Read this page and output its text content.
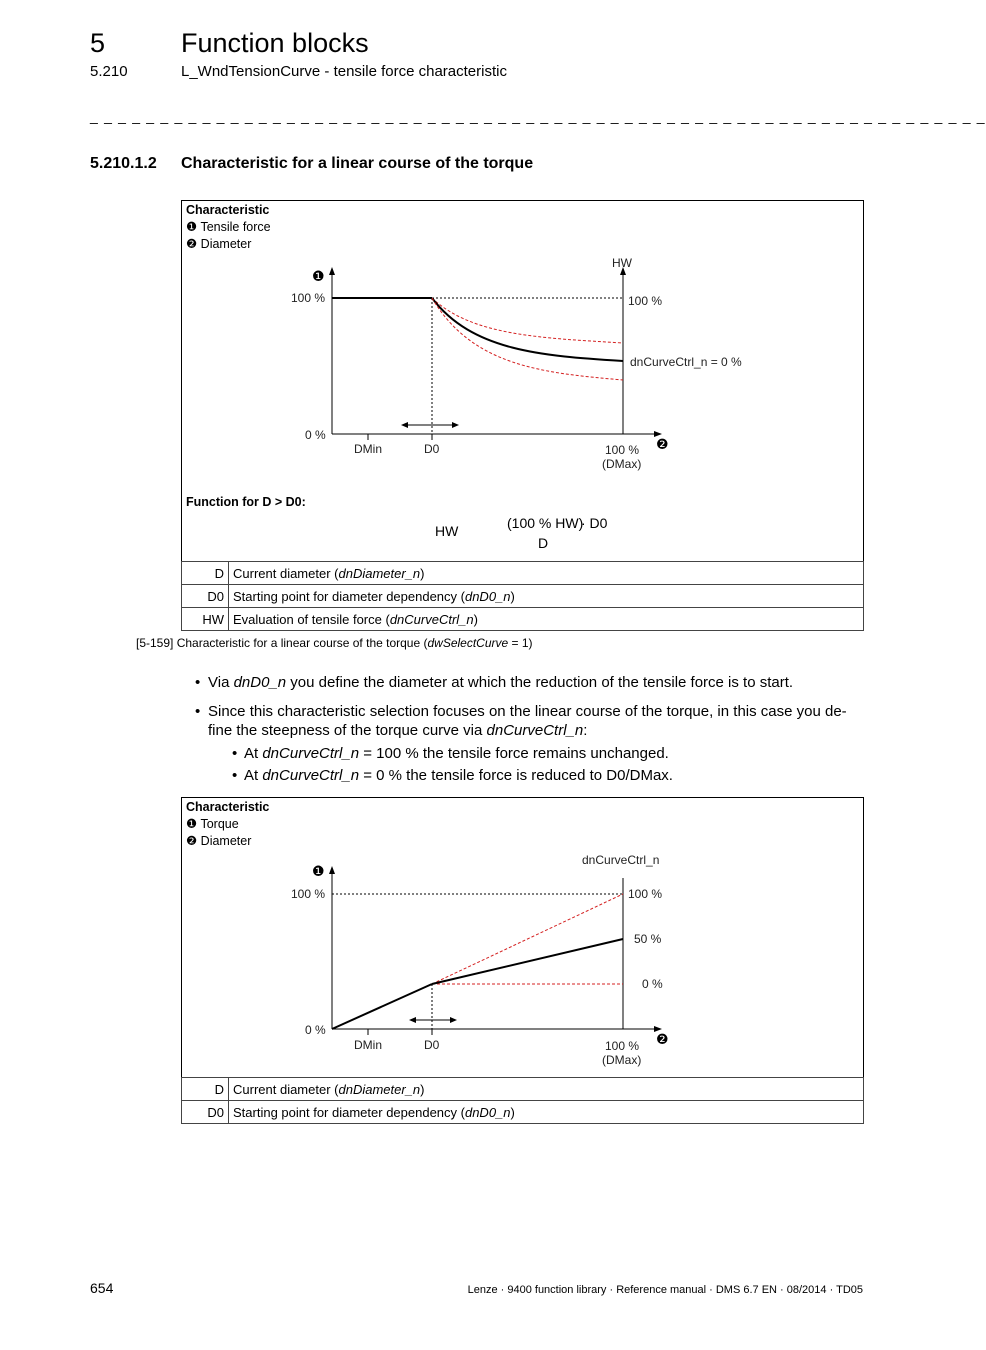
5	Function blocks
5.210	L_WndTensionCurve - tensile force characteristic
_ _ _ _ _ _ _ _ _ _ _ _ _ _ _ _ _ _ _ _ _ _ _ _ _ _ _ _ _ _ _ _ _ _ _ _ _ _ _ _ _ _ _ _ _ _ _ _ _ _ _ _ _ _ _ _ _ _ _ _ _ _ _ _
5.210.1.2 Characteristic for a linear course of the torque
❶
HW
100 %	100 %
dnCurveCtrl_n = 0 %
0 %
DMin	D0	100 %
(DMax)
❷
Characteristic
❶ Tensile force
❷ Diameter
Function for D > D0:
HW	(100 % HW)
· D0
D
D	Current diameter (dnDiameter_n)
D0	Starting point for diameter dependency (dnD0_n)
HW	Evaluation of tensile force (dnCurveCtrl_n)
[5-159] Characteristic for a linear course of the torque (dwSelectCurve = 1)
• Via dnD0_n you define the diameter at which the reduction of the tensile force is to start.
• Since this characteristic selection focuses on the linear course of the torque, in this case you de-fine the steepness of the torque curve via dnCurveCtrl_n:
• At dnCurveCtrl_n = 100 % the tensile force remains unchanged.
• At dnCurveCtrl_n = 0 % the tensile force is reduced to D0/DMax.
❶
dnCurveCtrl_n
100 %	100 %
50 %
0 %
0 %
DMin	D0	100 %
(DMax)
❷
Characteristic
❶ Torque
❷ Diameter
D	Current diameter (dnDiameter_n)
D0	Starting point for diameter dependency (dnD0_n)
654	Lenze · 9400 function library · Reference manual · DMS 6.7 EN · 08/2014 · TD05
